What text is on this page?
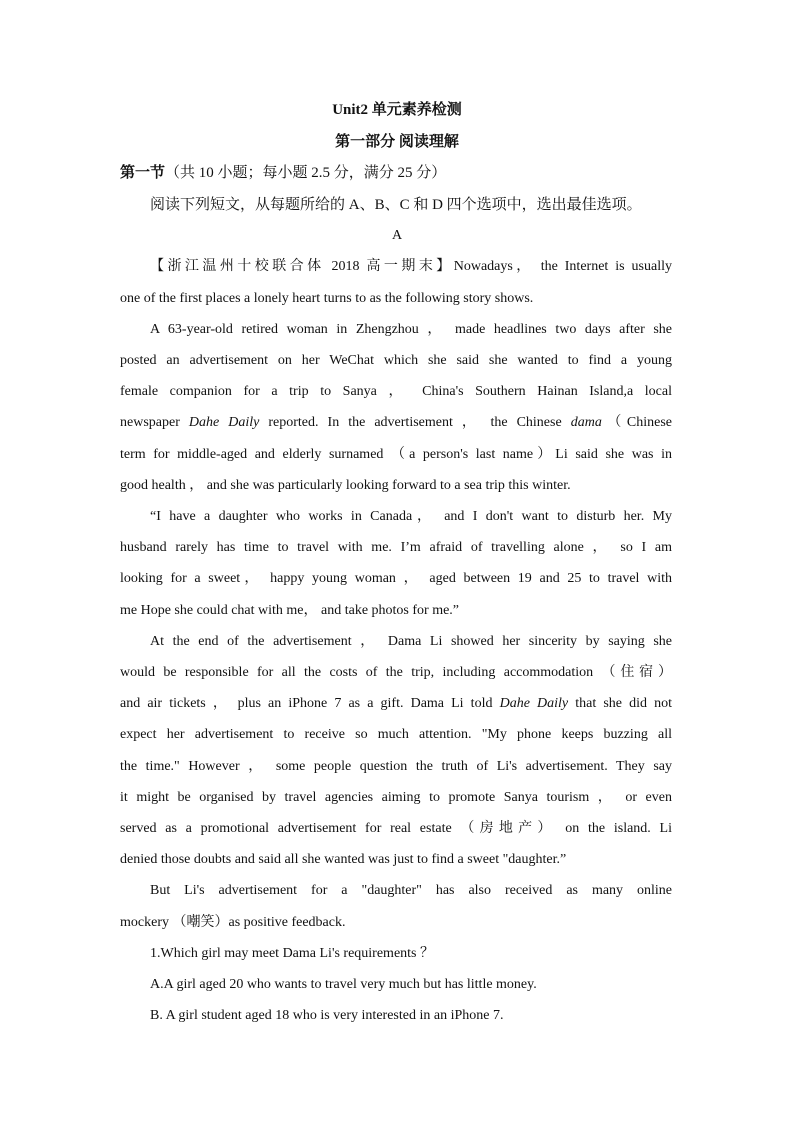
Unit2 单元素养检测
第一部分 阅读理解
第一节（共 10 小题；每小题 2.5 分，满分 25 分）
阅读下列短文，从每题所给的 A、B、C 和 D 四个选项中，选出最佳选项。
A
【浙江温州十校联合体 2018 高一期末】Nowadays， the Internet is usually
one of the first places a lonely heart turns to as the following story shows.
A 63-year-old retired woman in Zhengzhou ， made headlines two days after she
posted an advertisement on her WeChat which she said she wanted to find a young
female companion for a trip to Sanya ， China's Southern Hainan Island,a local
newspaper Dahe Daily reported. In the advertisement ， the Chinese dama（Chinese
term for middle-aged and elderly surnamed （a person's last name）Li said she was in
good health ， and she was particularly looking forward to a sea trip this winter.
“I have a daughter who works in Canada， and I don't want to disturb her. My
husband rarely has time to travel with me. I’m afraid of travelling alone ， so I am
looking for a sweet， happy young woman ， aged between 19 and 25 to travel with
me Hope she could chat with me， and take photos for me.”
At the end of the advertisement ， Dama Li showed her sincerity by saying she
would be responsible for all the costs of the trip, including accommodation （住宿）
and air tickets ， plus an iPhone 7 as a gift. Dama Li told Dahe Daily that she did not
expect her advertisement to receive so much attention. "My phone keeps buzzing all
the time." However ， some people question the truth of Li's advertisement. They say
it might be organised by travel agencies aiming to promote Sanya tourism ， or even
served as a promotional advertisement for real estate （房地产） on the island. Li
denied those doubts and said all she wanted was just to find a sweet "daughter.”
But Li's advertisement for a "daughter" has also received as many online
mockery （嘲笑）as positive feedback.
1.Which girl may meet Dama Li's requirements ？
A.A girl aged 20 who wants to travel very much but has little money.
B. A girl student aged 18 who is very interested in an iPhone 7.
